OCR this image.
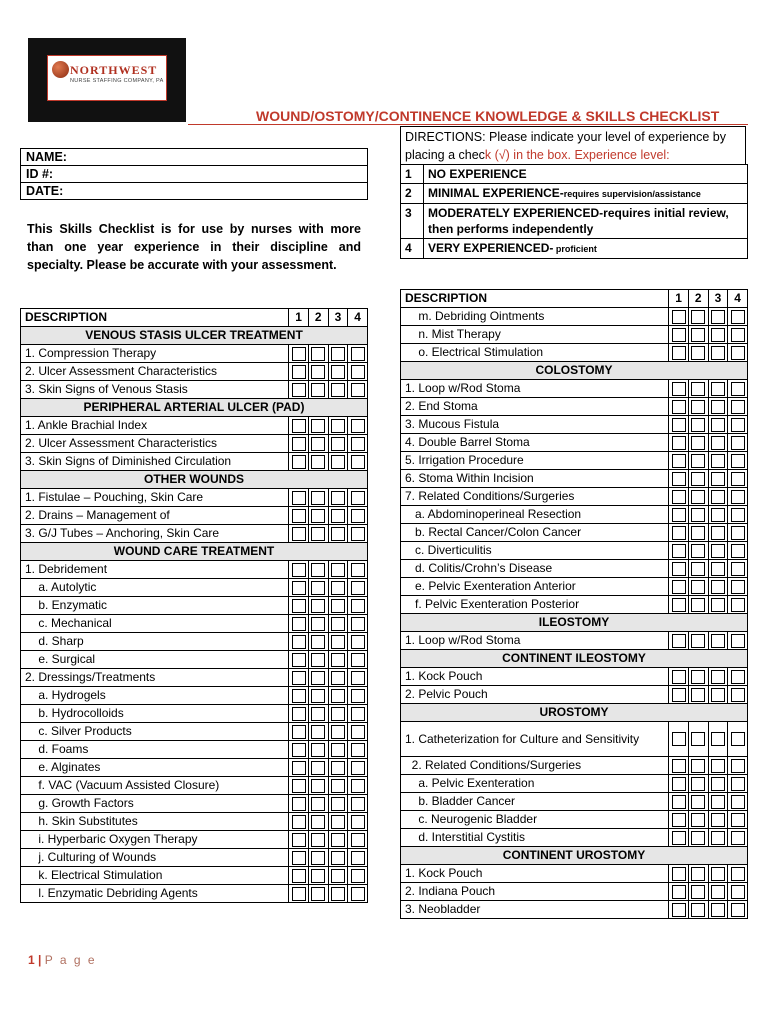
NORTHWEST
NURSE STAFFING COMPANY, PA
WOUND/OSTOMY/CONTINENCE KNOWLEDGE & SKILLS CHECKLIST
DIRECTIONS: Please indicate your level of experience by placing a check (√) in the box. Experience level:
1	NO EXPERIENCE
2	MINIMAL EXPERIENCE-requires supervision/assistance
3	MODERATELY EXPERIENCED-requires initial review, then performs independently
4	VERY EXPERIENCED- proficient
NAME:
ID #:
DATE:
This Skills Checklist is for use by nurses with more than one year experience in their discipline and specialty. Please be accurate with your assessment.
DESCRIPTION	1	2	3	4
VENOUS STASIS ULCER TREATMENT				
1. Compression Therapy	

2. Ulcer Assessment Characteristics	

3. Skin Signs of Venous Stasis	

PERIPHERAL ARTERIAL ULCER (PAD)				
1. Ankle Brachial Index	

2. Ulcer Assessment Characteristics	

3. Skin Signs of Diminished Circulation	

OTHER WOUNDS				
1. Fistulae – Pouching, Skin Care	

2. Drains – Management of	

3. G/J Tubes – Anchoring, Skin Care	

WOUND CARE TREATMENT				
1. Debridement	

a. Autolytic	

b. Enzymatic	

c. Mechanical	

d. Sharp	

e. Surgical	

2. Dressings/Treatments	

a. Hydrogels	

b. Hydrocolloids	

c. Silver Products	

d. Foams	

e. Alginates	

f. VAC (Vacuum Assisted Closure)	

g. Growth Factors	

h. Skin Substitutes	

i. Hyperbaric Oxygen Therapy	

j. Culturing of Wounds	

k. Electrical Stimulation	

l. Enzymatic Debriding Agents	

DESCRIPTION	1	2	3	4
m. Debriding Ointments	

n. Mist Therapy	

o. Electrical Stimulation	

COLOSTOMY				
1. Loop w/Rod Stoma	

2. End Stoma	

3. Mucous Fistula	

4. Double Barrel Stoma	

5. Irrigation Procedure	

6. Stoma Within Incision	

7. Related Conditions/Surgeries	

a. Abdominoperineal Resection	

b. Rectal Cancer/Colon Cancer	

c. Diverticulitis	

d. Colitis/Crohn’s Disease	

e. Pelvic Exenteration Anterior	

f. Pelvic Exenteration Posterior	

ILEOSTOMY				
1. Loop w/Rod Stoma	

CONTINENT ILEOSTOMY				
1. Kock Pouch	

2. Pelvic Pouch	

UROSTOMY				
1. Catheterization for Culture and Sensitivity	

2. Related Conditions/Surgeries	

a. Pelvic Exenteration	

b. Bladder Cancer	

c. Neurogenic Bladder	

d. Interstitial Cystitis	

CONTINENT UROSTOMY				
1. Kock Pouch	

2. Indiana Pouch	

3. Neobladder	

1 | P a g e
